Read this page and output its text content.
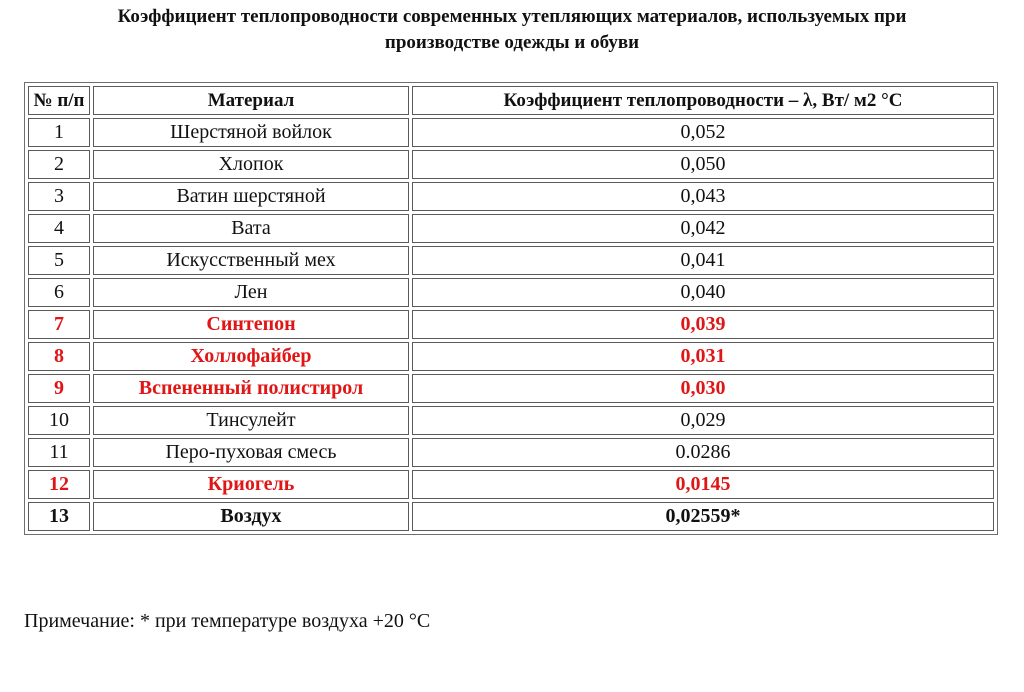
Коэффициент теплопроводности современных утепляющих материалов, используемых при
производстве одежды и обуви
№ п/п	Материал	Коэффициент теплопроводности – λ, Вт/ м2 °С
1	Шерстяной войлок	0,052
2	Хлопок	0,050
3	Ватин шерстяной	0,043
4	Вата	0,042
5	Искусственный мех	0,041
6	Лен	0,040
7	Синтепон	0,039
8	Холлофайбер	0,031
9	Вспененный полистирол	0,030
10	Тинсулейт	0,029
11	Перо-пуховая смесь	0.0286
12	Криогель	0,0145
13	Воздух	0,02559*

Примечание: * при температуре воздуха +20 °С
